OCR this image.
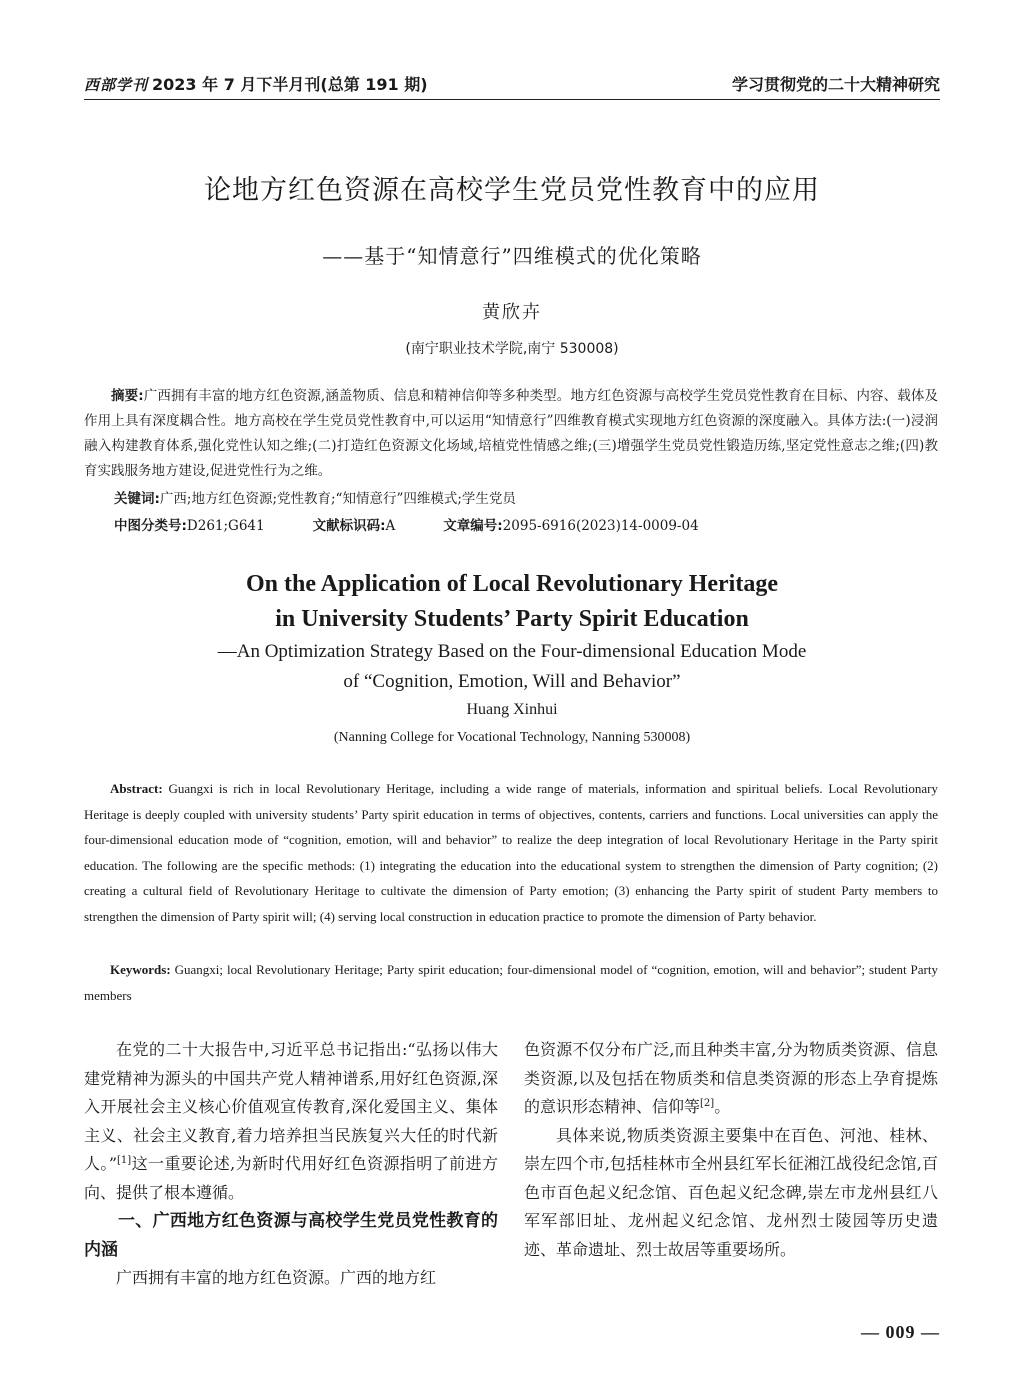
西部学刊 2023 年 7 月下半月刊(总第 191 期)	学习贯彻党的二十大精神研究
论地方红色资源在高校学生党员党性教育中的应用
——基于“知情意行”四维模式的优化策略
黄欣卉
(南宁职业技术学院,南宁 530008)
摘要:广西拥有丰富的地方红色资源,涵盖物质、信息和精神信仰等多种类型。地方红色资源与高校学生党员党性教育在目标、内容、载体及作用上具有深度耦合性。地方高校在学生党员党性教育中,可以运用“知情意行”四维教育模式实现地方红色资源的深度融入。具体方法:(一)浸润融入构建教育体系,强化党性认知之维;(二)打造红色资源文化场域,培植党性情感之维;(三)增强学生党员党性锻造历练,坚定党性意志之维;(四)教育实践服务地方建设,促进党性行为之维。
关键词:广西;地方红色资源;党性教育;“知情意行”四维模式;学生党员
中图分类号:D261;G641	文献标识码:A	文章编号:2095-6916(2023)14-0009-04
On the Application of Local Revolutionary Heritage
in University Students’ Party Spirit Education
—An Optimization Strategy Based on the Four-dimensional Education Mode
of “Cognition, Emotion, Will and Behavior”
Huang Xinhui
(Nanning College for Vocational Technology, Nanning 530008)
Abstract: Guangxi is rich in local Revolutionary Heritage, including a wide range of materials, information and spiritual beliefs. Local Revolutionary Heritage is deeply coupled with university students’ Party spirit education in terms of objectives, contents, carriers and functions. Local universities can apply the four-dimensional education mode of “cognition, emotion, will and behavior” to realize the deep integration of local Revolutionary Heritage in the Party spirit education. The following are the specific methods: (1) integrating the education into the educational system to strengthen the dimension of Party cognition; (2) creating a cultural field of Revolutionary Heritage to cultivate the dimension of Party emotion; (3) enhancing the Party spirit of student Party members to strengthen the dimension of Party spirit will; (4) serving local construction in education practice to promote the dimension of Party behavior.
Keywords: Guangxi; local Revolutionary Heritage; Party spirit education; four-dimensional model of “cognition, emotion, will and behavior”; student Party members

在党的二十大报告中,习近平总书记指出:“弘扬以伟大建党精神为源头的中国共产党人精神谱系,用好红色资源,深入开展社会主义核心价值观宣传教育,深化爱国主义、集体主义、社会主义教育,着力培养担当民族复兴大任的时代新人。”[1]这一重要论述,为新时代用好红色资源指明了前进方向、提供了根本遵循。

一、广西地方红色资源与高校学生党员党性教育的内涵

广西拥有丰富的地方红色资源。广西的地方红

色资源不仅分布广泛,而且种类丰富,分为物质类资源、信息类资源,以及包括在物质类和信息类资源的形态上孕育提炼的意识形态精神、信仰等[2]。

具体来说,物质类资源主要集中在百色、河池、桂林、崇左四个市,包括桂林市全州县红军长征湘江战役纪念馆,百色市百色起义纪念馆、百色起义纪念碑,崇左市龙州县红八军军部旧址、龙州起义纪念馆、龙州烈士陵园等历史遗迹、革命遗址、烈士故居等重要场所。

— 009 —
